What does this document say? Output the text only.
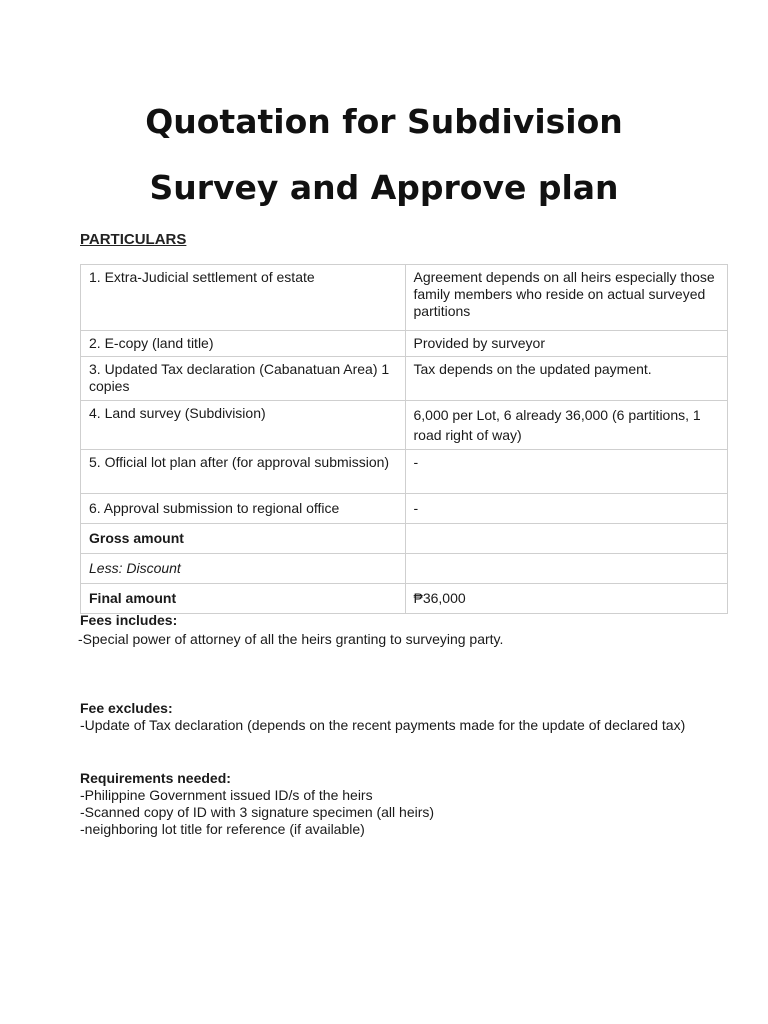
Quotation for Subdivision
Survey and Approve plan
PARTICULARS
1. Extra-Judicial settlement of estate	Agreement depends on all heirs especially those family members who reside on actual surveyed partitions
2. E-copy (land title)	Provided by surveyor
3. Updated Tax declaration (Cabanatuan Area) 1 copies	Tax depends on the updated payment.
4. Land survey (Subdivision)	6,000 per Lot, 6 already 36,000 (6 partitions, 1 road right of way)
5. Official lot plan after (for approval submission)	-
6. Approval submission to regional office	-
Gross amount	
Less: Discount	
Final amount	₱36,000
Fees includes:
-Special power of attorney of all the heirs granting to surveying party.
Fee excludes:
-Update of Tax declaration (depends on the recent payments made for the update of declared tax)
Requirements needed:
-Philippine Government issued ID/s of the heirs
-Scanned copy of ID with 3 signature specimen (all heirs)
-neighboring lot title for reference (if available)
